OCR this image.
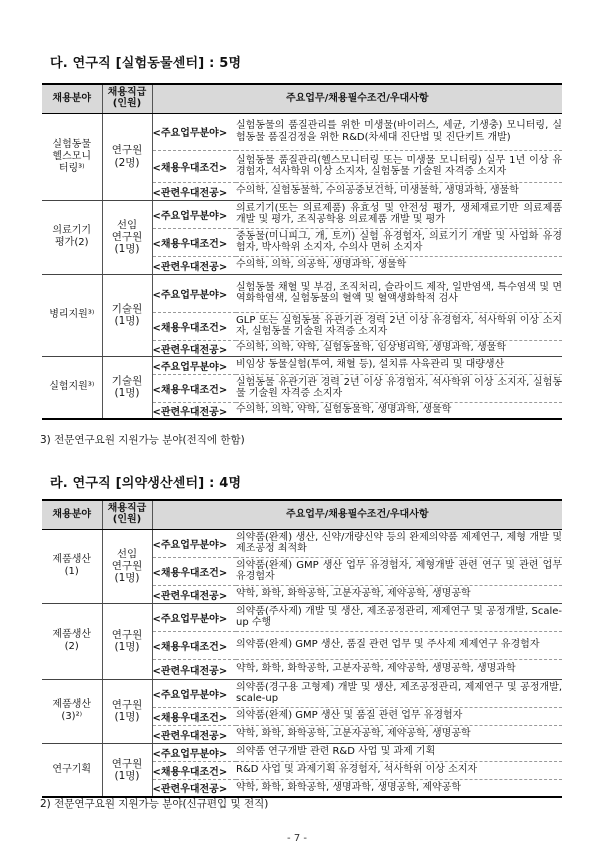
다. 연구직 [실험동물센터] : 5명
채용분야	채용직급
(인원)	주요업무/채용필수조건/우대사항	
실험동물
헬스모니
터링³⁾	연구원
(2명)	<주요업무분야>	실험동물의 품질관리를 위한 미생물(바이러스, 세균, 기생충) 모니터링, 실험동물 품질검정을 위한 R&D(차세대 진단법 및 진단키트 개발)
		<채용우대조건>	실험동물 품질관리(헬스모니터링 또는 미생물 모니터링) 실무 1년 이상 유경험자, 석사학위 이상 소지자, 실험동물 기술원 자격증 소지자
		<관련우대전공>	수의학, 실험동물학, 수의공중보건학, 미생물학, 생명과학, 생물학
의료기기
평가(2)	선임
연구원
(1명)	<주요업무분야>	의료기기(또는 의료제품) 유효성 및 안전성 평가, 생체재료기반 의료제품 개발 및 평가, 조직공학용 의료제품 개발 및 평가
		<채용우대조건>	중동물(미니피그, 개, 토끼) 실험 유경험자, 의료기기 개발 및 사업화 유경험자, 박사학위 소지자, 수의사 면허 소지자
		<관련우대전공>	수의학, 의학, 의공학, 생명과학, 생물학
병리지원³⁾	기술원
(1명)	<주요업무분야>	실험동물 채혈 및 부검, 조직처리, 슬라이드 제작, 일반염색, 특수염색 및 면역화학염색, 실험동물의 혈액 및 혈액생화학적 검사
		<채용우대조건>	GLP 또는 실험동물 유관기관 경력 2년 이상 유경험자, 석사학위 이상 소지자, 실험동물 기술원 자격증 소지자
		<관련우대전공>	수의학, 의학, 약학, 실험동물학, 임상병리학, 생명과학, 생물학
실험지원³⁾	기술원
(1명)	<주요업무분야>	비임상 동물실험(투여, 채혈 등), 설치류 사육관리 및 대량생산
		<채용우대조건>	실험동물 유관기관 경력 2년 이상 유경험자, 석사학위 이상 소지자, 실험동물 기술원 자격증 소지자
		<관련우대전공>	수의학, 의학, 약학, 실험동물학, 생명과학, 생물학
3) 전문연구요원 지원가능 분야(전직에 한함)
라. 연구직 [의약생산센터] : 4명
채용분야	채용직급
(인원)	주요업무/채용필수조건/우대사항	
제품생산
(1)	선임
연구원
(1명)	<주요업무분야>	의약품(완제) 생산, 신약/개량신약 등의 완제의약품 제제연구, 제형 개발 및 제조공정 최적화
		<채용우대조건>	의약품(완제) GMP 생산 업무 유경험자, 제형개발 관련 연구 및 관련 업무 유경험자
		<관련우대전공>	약학, 화학, 화학공학, 고분자공학, 제약공학, 생명공학
제품생산
(2)	연구원
(1명)	<주요업무분야>	의약품(주사제) 개발 및 생산, 제조공정관리, 제제연구 및 공정개발, Scale-up 수행
		<채용우대조건>	의약품(완제) GMP 생산, 품질 관련 업무 및 주사제 제제연구 유경험자
		<관련우대전공>	약학, 화학, 화학공학, 고분자공학, 제약공학, 생명공학, 생명과학
제품생산
(3)²⁾	연구원
(1명)	<주요업무분야>	의약품(경구용 고형제) 개발 및 생산, 제조공정관리, 제제연구 및 공정개발, scale-up
		<채용우대조건>	의약품(완제) GMP 생산 및 품질 관련 업무 유경험자
		<관련우대전공>	약학, 화학, 화학공학, 고분자공학, 제약공학, 생명공학
연구기획	연구원
(1명)	<주요업무분야>	의약품 연구개발 관련 R&D 사업 및 과제 기획
		<채용우대조건>	R&D 사업 및 과제기획 유경험자, 석사학위 이상 소지자
		<관련우대전공>	약학, 화학, 화학공학, 생명과학, 생명공학, 제약공학
2) 전문연구요원 지원가능 분야(신규편입 및 전직)
- 7 -
